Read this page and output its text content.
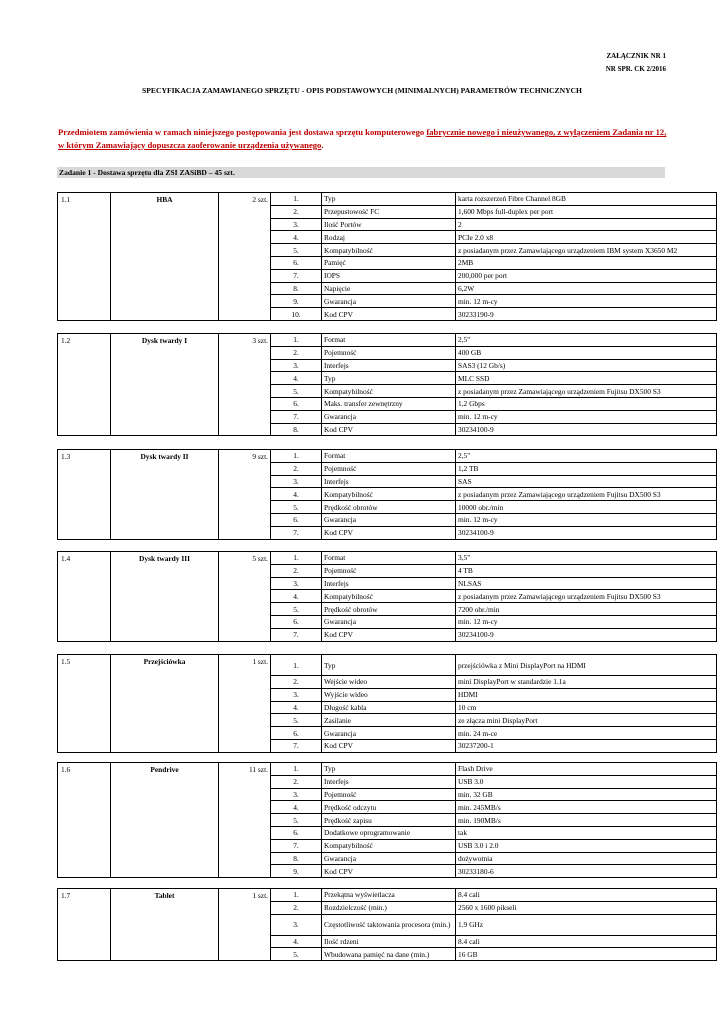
ZAŁĄCZNIK NR 1
NR SPR. CK 2/2016
SPECYFIKACJA ZAMAWIANEGO SPRZĘTU - OPIS PODSTAWOWYCH (MINIMALNYCH) PARAMETRÓW TECHNICZNYCH
Przedmiotem zamówienia w ramach niniejszego postępowania jest dostawa sprzętu komputerowego fabrycznie nowego i nieużywanego, z wyłączeniem Zadania nr 12, w którym Zamawiający dopuszcza zaoferowanie urządzenia używanego.
Zadanie 1 - Dostawa sprzętu dla ZSI ZASiBD – 45 szt.
1.1	HBA	2 szt.	1.	Typ	karta rozszerzeń Fibre Channel 8GB
			2.	Przepustowość FC	1,600 Mbps full-duplex per port
			3.	Ilość Portów	2
			4.	Rodzaj	PCIe 2.0 x8
			5.	Kompatybilność	z posiadanym przez Zamawiającego urządzeniem IBM system X3650 M2
			6.	Pamięć	2MB
			7.	IOPS	200,000 per port
			8.	Napięcie	6,2W
			9.	Gwarancja	min. 12 m-cy
			10.	Kod CPV	30233190-9
1.2	Dysk twardy I	3 szt.	1.	Format	2,5"
			2.	Pojemność	400 GB
			3.	Interfejs	SAS3 (12 Gb/s)
			4.	Typ	MLC SSD
			5.	Kompatybilność	z posiadanym przez Zamawiającego urządzeniem Fujitsu DX500 S3
			6.	Maks. transfer zewnętrzny	1,2 Gbps
			7.	Gwarancja	min. 12 m-cy
			8.	Kod CPV	30234100-9
1.3	Dysk twardy II	9 szt.	1.	Format	2,5"
			2.	Pojemność	1,2 TB
			3.	Interfejs	SAS
			4.	Kompatybilność	z posiadanym przez Zamawiającego urządzeniem Fujitsu DX500 S3
			5.	Prędkość obrotów	10000 obr./min
			6.	Gwarancja	min. 12 m-cy
			7.	Kod CPV	30234100-9
1.4	Dysk twardy III	5 szt.	1.	Format	3,5"
			2.	Pojemność	4 TB
			3.	Interfejs	NLSAS
			4.	Kompatybilność	z posiadanym przez Zamawiającego urządzeniem Fujitsu DX500 S3
			5.	Prędkość obrotów	7200 obr./min
			6.	Gwarancja	min. 12 m-cy
			7.	Kod CPV	30234100-9
1.5	Przejściówka	1 szt.	1.	Typ	przejściówka z Mini DisplayPort na HDMI
			2.	Wejście wideo	mini DisplayPort w standardzie 1.1a
			3.	Wyjście wideo	HDMI
			4.	Długość kabla	10 cm
			5.	Zasilanie	ze złącza mini DisplayPort
			6.	Gwarancja	min. 24 m-ce
			7.	Kod CPV	30237200-1
1.6	Pendrive	11 szt.	1.	Typ	Flash Drive
			2.	Interfejs	USB 3.0
			3.	Pojemność	min. 32 GB
			4.	Prędkość odczytu	min. 245MB/s
			5.	Prędkość zapisu	min. 190MB/s
			6.	Dodatkowe oprogramowanie	tak
			7.	Kompatybilność	USB 3.0 i 2.0
			8.	Gwarancja	dożywotnia
			9.	Kod CPV	30233180-6
1.7	Tablet	1 szt.	1.	Przekątna wyświetlacza	8.4 cali
			2.	Rozdzielczość (min.)	2560 x 1600 pikseli
			3.	Częstotliwość taktowania procesora (min.)	1.9 GHz
			4.	Ilość rdzeni	8.4 cali
			5.	Wbudowana pamięć na dane (min.)	16 GB
